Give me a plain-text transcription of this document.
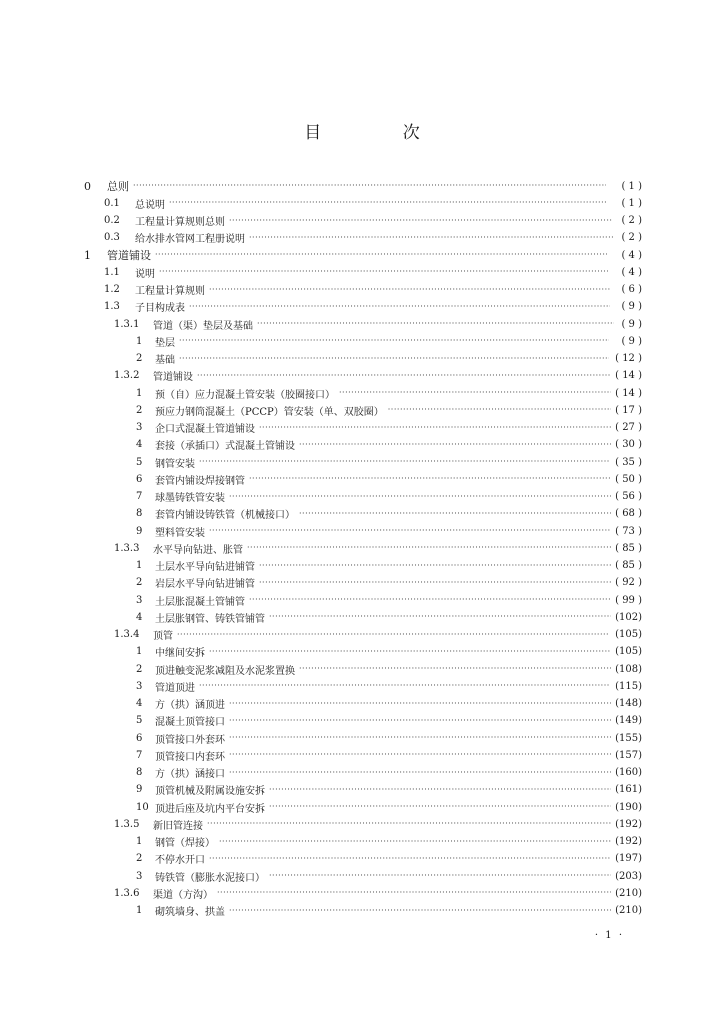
目 次
0	总则 ·····	( 1 )
0.1	总说明 ·····	( 1 )
0.2	工程量计算规则总则 ·····	( 2 )
0.3	给水排水管网工程册说明 ·····	( 2 )
1	管道铺设 ·····	( 4 )
1.1	说明 ·····	( 4 )
1.2	工程量计算规则 ·····	( 6 )
1.3	子目构成表 ·····	( 9 )
1.3.1	管道（渠）垫层及基础 ·····	( 9 )
1	垫层 ·····	( 9 )
2	基础 ·····	( 12 )
1.3.2	管道铺设 ·····	( 14 )
1	预（自）应力混凝土管安装（胶圈接口） ·····	( 14 )
2	预应力钢筒混凝土（PCCP）管安装（单、双胶圈） ·····	( 17 )
3	企口式混凝土管道铺设 ·····	( 27 )
4	套接（承插口）式混凝土管铺设 ·····	( 30 )
5	钢管安装 ·····	( 35 )
6	套管内铺设焊接钢管 ·····	( 50 )
7	球墨铸铁管安装 ·····	( 56 )
8	套管内铺设铸铁管（机械接口） ·····	( 68 )
9	塑料管安装 ·····	( 73 )
1.3.3	水平导向钻进、胀管 ·····	( 85 )
1	土层水平导向钻进铺管 ·····	( 85 )
2	岩层水平导向钻进铺管 ·····	( 92 )
3	土层胀混凝土管铺管 ·····	( 99 )
4	土层胀钢管、铸铁管铺管 ·····	(102)
1.3.4	顶管 ·····	(105)
1	中继间安拆 ·····	(105)
2	顶进触变泥浆减阻及水泥浆置换 ·····	(108)
3	管道顶进 ·····	(115)
4	方（拱）涵顶进 ·····	(148)
5	混凝土顶管接口 ·····	(149)
6	顶管接口外套环 ·····	(155)
7	顶管接口内套环 ·····	(157)
8	方（拱）涵接口 ·····	(160)
9	顶管机械及附属设施安拆 ·····	(161)
10 顶进后座及坑内平台安拆 ·····	(190)
1.3.5	新旧管连接 ·····	(192)
1	钢管（焊接） ·····	(192)
2	不停水开口 ·····	(197)
3	铸铁管（膨胀水泥接口） ·····	(203)
1.3.6	渠道（方沟） ·····	(210)
1	砌筑墙身、拱盖 ·····	(210)
· 1 ·
